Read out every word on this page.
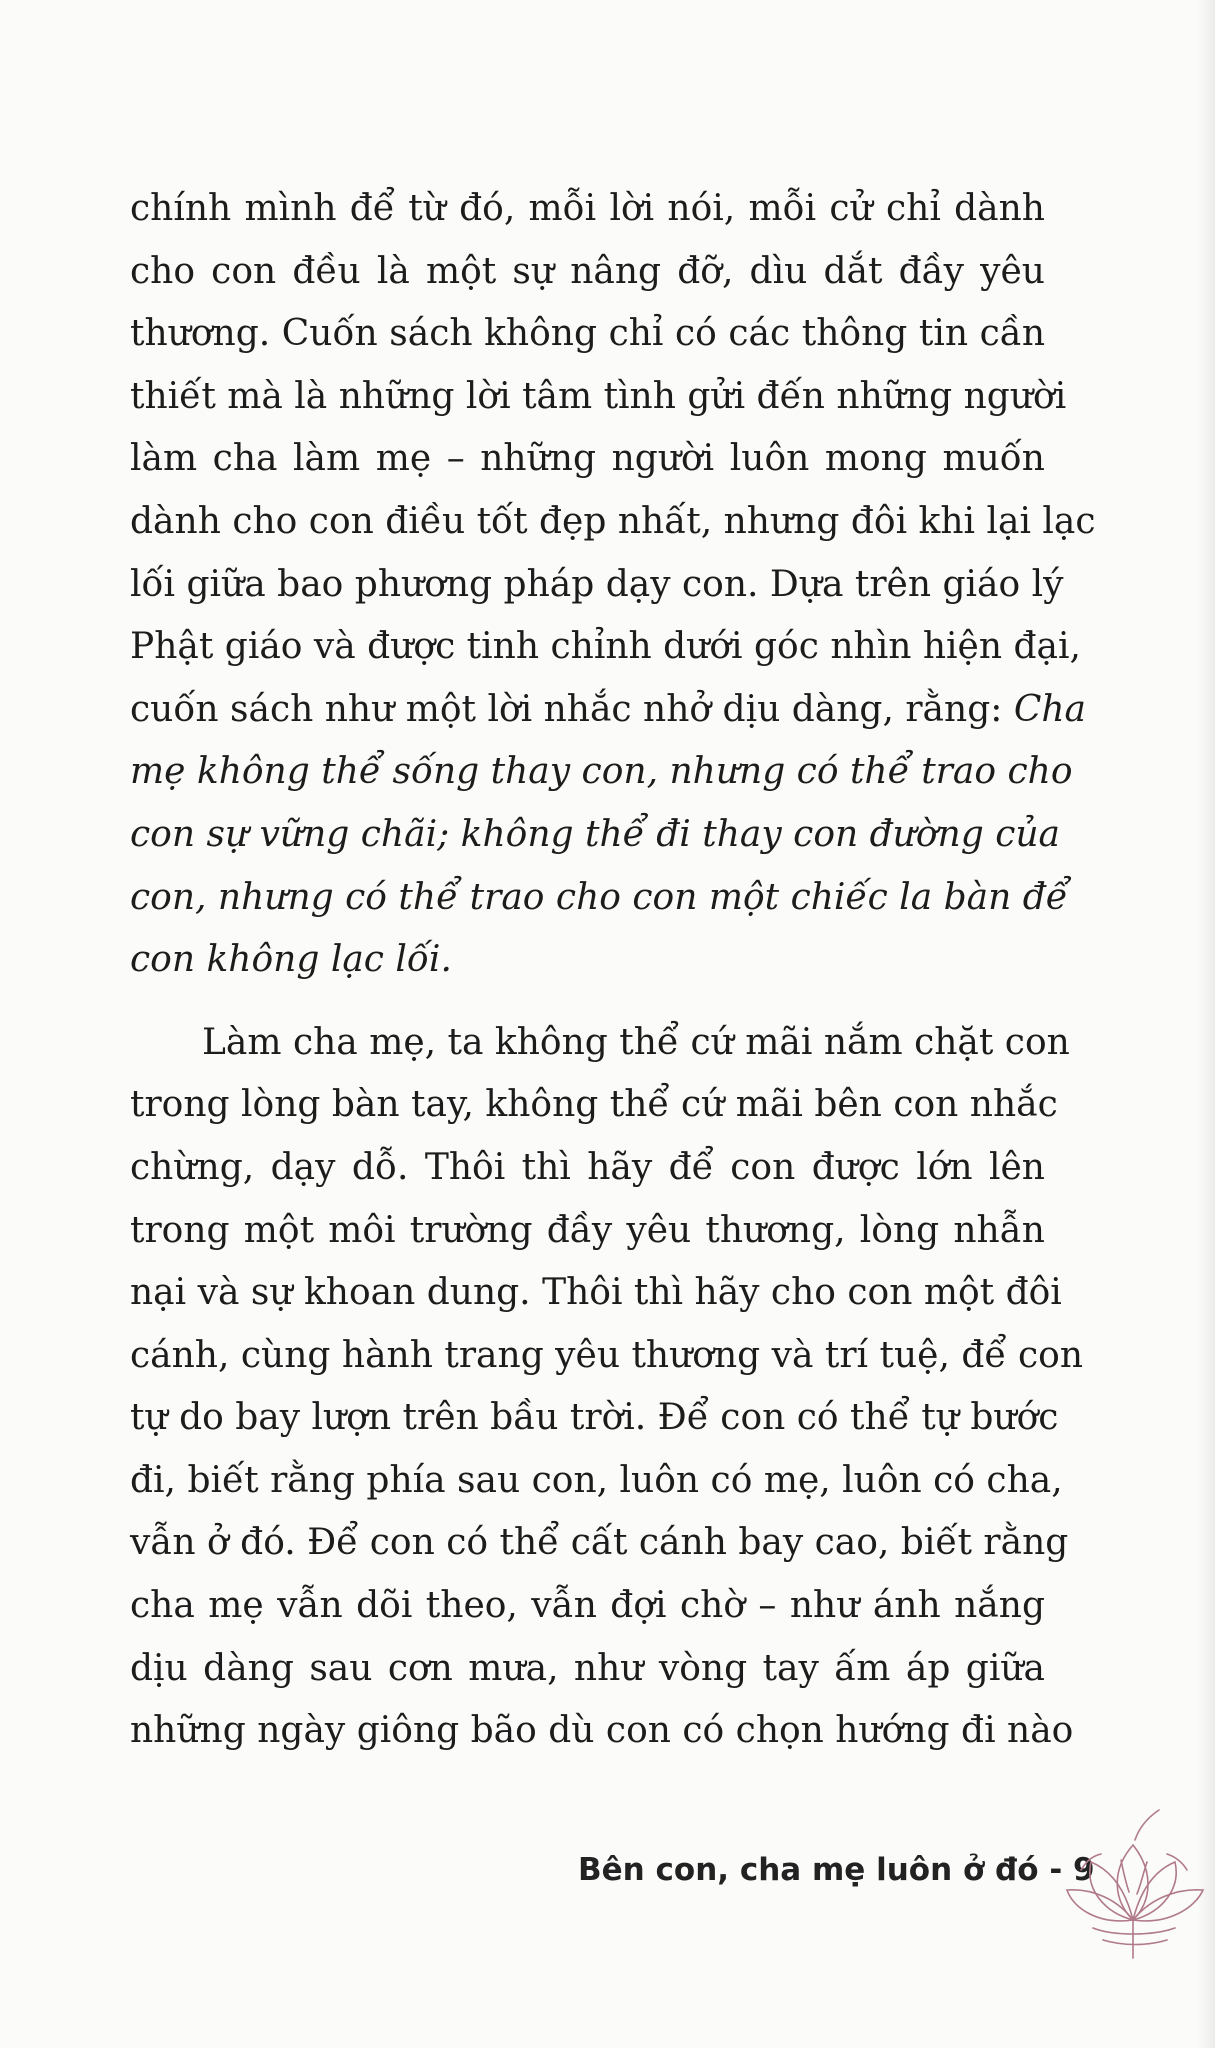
chính mình để từ đó, mỗi lời nói, mỗi cử chỉ dành
cho con đều là một sự nâng đỡ, dìu dắt đầy yêu
thương. Cuốn sách không chỉ có các thông tin cần
thiết mà là những lời tâm tình gửi đến những người
làm cha làm mẹ – những người luôn mong muốn
dành cho con điều tốt đẹp nhất, nhưng đôi khi lại lạc
lối giữa bao phương pháp dạy con. Dựa trên giáo lý
Phật giáo và được tinh chỉnh dưới góc nhìn hiện đại,
cuốn sách như một lời nhắc nhở dịu dàng, rằng: Cha
mẹ không thể sống thay con, nhưng có thể trao cho
con sự vững chãi; không thể đi thay con đường của
con, nhưng có thể trao cho con một chiếc la bàn để
con không lạc lối.

Làm cha mẹ, ta không thể cứ mãi nắm chặt con
trong lòng bàn tay, không thể cứ mãi bên con nhắc
chừng, dạy dỗ. Thôi thì hãy để con được lớn lên
trong một môi trường đầy yêu thương, lòng nhẫn
nại và sự khoan dung. Thôi thì hãy cho con một đôi
cánh, cùng hành trang yêu thương và trí tuệ, để con
tự do bay lượn trên bầu trời. Để con có thể tự bước
đi, biết rằng phía sau con, luôn có mẹ, luôn có cha,
vẫn ở đó. Để con có thể cất cánh bay cao, biết rằng
cha mẹ vẫn dõi theo, vẫn đợi chờ – như ánh nắng
dịu dàng sau cơn mưa, như vòng tay ấm áp giữa
những ngày giông bão dù con có chọn hướng đi nào

Bên con, cha mẹ luôn ở đó - 9
